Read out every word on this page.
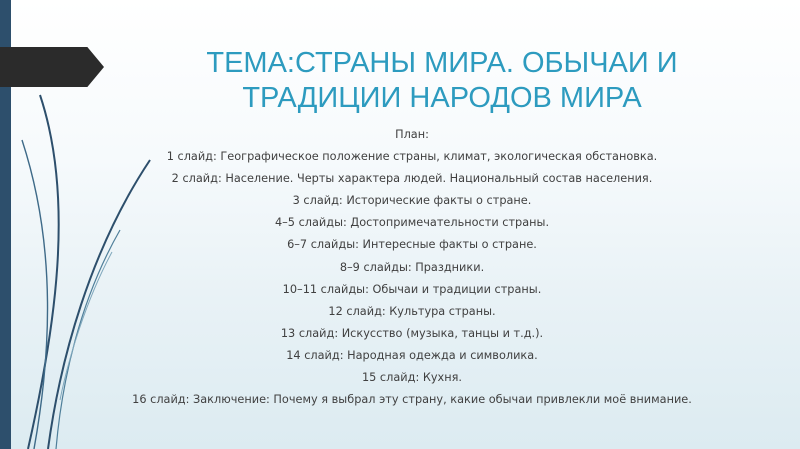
ТЕМА:СТРАНЫ МИРА. ОБЫЧАИ И
ТРАДИЦИИ НАРОДОВ МИРА
План:
1 слайд: Географическое положение страны, климат, экологическая обстановка.
2 слайд: Население. Черты характера людей. Национальный состав населения.
3 слайд: Исторические факты о стране.
4–5 слайды: Достопримечательности страны.
6–7 слайды: Интересные факты о стране.
8–9 слайды: Праздники.
10–11 слайды: Обычаи и традиции страны.
12 слайд: Культура страны.
13 слайд: Искусство (музыка, танцы и т.д.).
14 слайд: Народная одежда и символика.
15 слайд: Кухня.
16 слайд: Заключение: Почему я выбрал эту страну, какие обычаи привлекли моё внимание.
